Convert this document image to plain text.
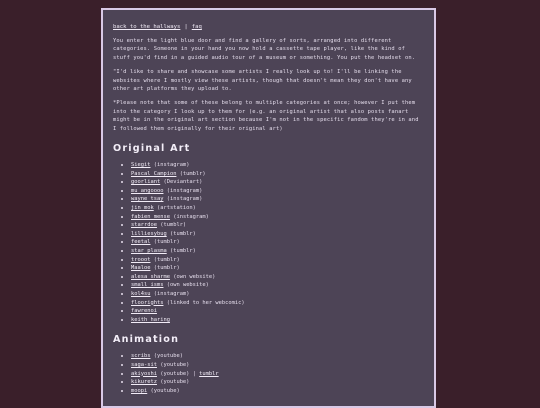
back to the hallways | faq

You enter the light blue door and find a gallery of sorts, arranged into different categories. Someone in your hand you now hold a cassette tape player, like the kind of stuff you'd find in a guided audio tour of a museum or something. You put the headset on.

"I'd like to share and showcase some artists I really look up to! I'll be linking the websites where I mostly view these artists, though that doesn't mean they don't have any other art platforms they upload to.

*Please note that some of these belong to multiple categories at once; however I put them into the category I look up to them for (e.g. an original artist that also posts fanart might be in the original art section because I'm not in the specific fandom they're in and I followed them originally for their original art)

Original Art
• Siegit (instagram)
• Pascal Campion (tumblr)
• goorliant (Deviantart)
• mu_angoooo (instagram)
• wayne tsay (instagram)
• jin mok (artstation)
• fabien mense (instagram)
• starrdoe (tumblr)
• lilliesybug (tumblr)
• feetal (tumblr)
• star plasma (tumblr)
• trooot (tumblr)
• Maaloe (tumblr)
• alesa sharme (own website)
• small isms (own website)
• kol4su (instagram)
• floorights (linked to her webcomic)
• fawrenoi
• keith haring
Animation
• scribs (youtube)
• saga-sit (youtube)
• akiyoshi (youtube) | tumblr
• kikuretz (youtube)
• moopi (youtube)
